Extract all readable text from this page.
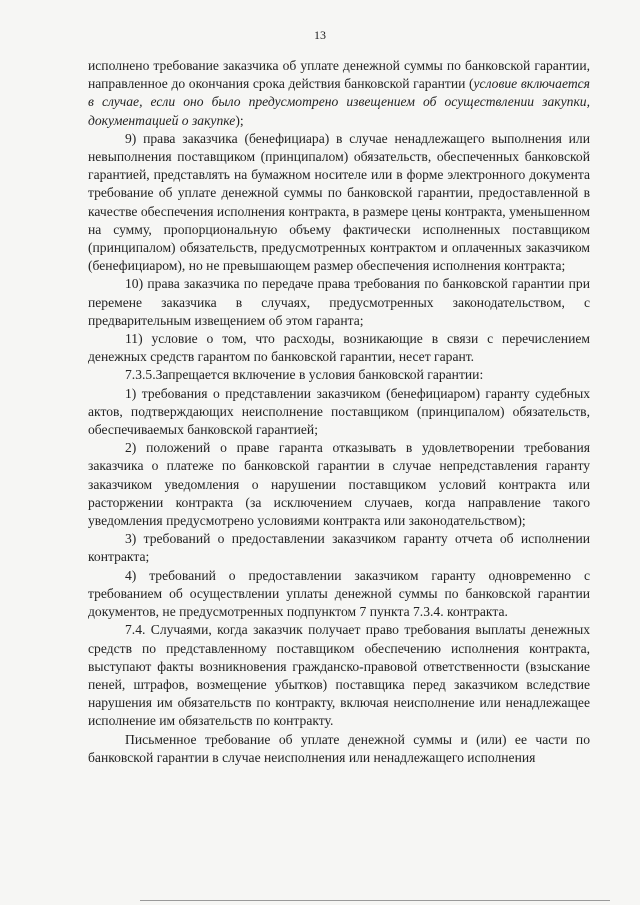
13

исполнено требование заказчика об уплате денежной суммы по банковской гарантии, направленное до окончания срока действия банковской гарантии (условие включается в случае, если оно было предусмотрено извещением об осуществлении закупки, документацией о закупке);

9) права заказчика (бенефициара) в случае ненадлежащего выполнения или невыполнения поставщиком (принципалом) обязательств, обеспеченных банковской гарантией, представлять на бумажном носителе или в форме электронного документа требование об уплате денежной суммы по банковской гарантии, предоставленной в качестве обеспечения исполнения контракта, в размере цены контракта, уменьшенном на сумму, пропорциональную объему фактически исполненных поставщиком (принципалом) обязательств, предусмотренных контрактом и оплаченных заказчиком (бенефициаром), но не превышающем размер обеспечения исполнения контракта;

10) права заказчика по передаче права требования по банковской гарантии при перемене заказчика в случаях, предусмотренных законодательством, с предварительным извещением об этом гаранта;

11) условие о том, что расходы, возникающие в связи с перечислением денежных средств гарантом по банковской гарантии, несет гарант.

7.3.5.Запрещается включение в условия банковской гарантии:

1) требования о представлении заказчиком (бенефициаром) гаранту судебных актов, подтверждающих неисполнение поставщиком (принципалом) обязательств, обеспечиваемых банковской гарантией;

2) положений о праве гаранта отказывать в удовлетворении требования заказчика о платеже по банковской гарантии в случае непредставления гаранту заказчиком уведомления о нарушении поставщиком условий контракта или расторжении контракта (за исключением случаев, когда направление такого уведомления предусмотрено условиями контракта или законодательством);

3) требований о предоставлении заказчиком гаранту отчета об исполнении контракта;

4) требований о предоставлении заказчиком гаранту одновременно с требованием об осуществлении уплаты денежной суммы по банковской гарантии документов, не предусмотренных подпунктом 7 пункта 7.3.4. контракта.

7.4. Случаями, когда заказчик получает право требования выплаты денежных средств по представленному поставщиком обеспечению исполнения контракта, выступают факты возникновения гражданско-правовой ответственности (взыскание пеней, штрафов, возмещение убытков) поставщика перед заказчиком вследствие нарушения им обязательств по контракту, включая неисполнение или ненадлежащее исполнение им обязательств по контракту.

Письменное требование об уплате денежной суммы и (или) ее части по банковской гарантии в случае неисполнения или ненадлежащего исполнения
